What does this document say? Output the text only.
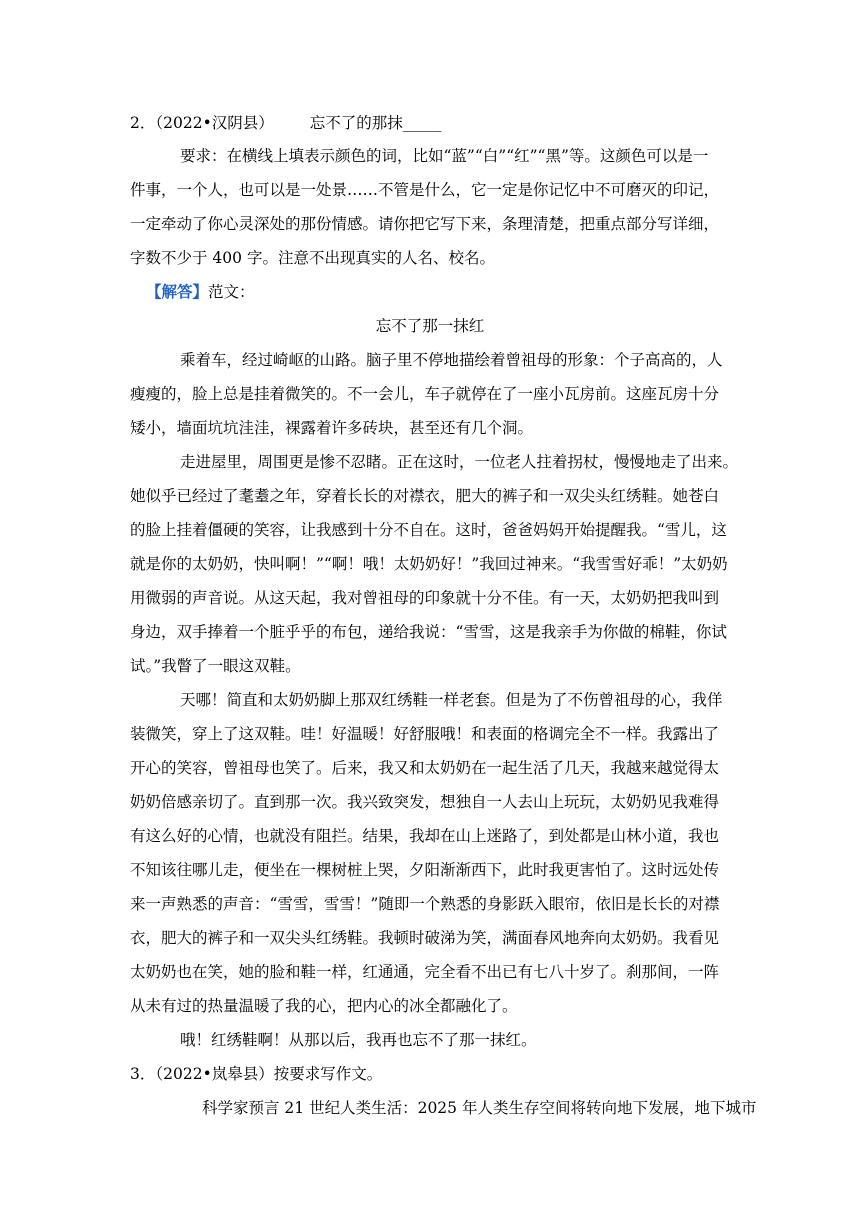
2．（2022•汉阴县） 忘不了的那抹_____
要求：在横线上填表示颜色的词，比如“蓝”“白”“红”“黑”等。这颜色可以是一
件事，一个人，也可以是一处景……不管是什么，它一定是你记忆中不可磨灭的印记，
一定牵动了你心灵深处的那份情感。请你把它写下来，条理清楚，把重点部分写详细，
字数不少于 400 字。注意不出现真实的人名、校名。
【解答】范文：
忘不了那一抹红
乘着车，经过崎岖的山路。脑子里不停地描绘着曾祖母的形象：个子高高的，人
瘦瘦的，脸上总是挂着微笑的。不一会儿，车子就停在了一座小瓦房前。这座瓦房十分
矮小，墙面坑坑洼洼，裸露着许多砖块，甚至还有几个洞。
走进屋里，周围更是惨不忍睹。正在这时，一位老人拄着拐杖，慢慢地走了出来。
她似乎已经过了耄耋之年，穿着长长的对襟衣，肥大的裤子和一双尖头红绣鞋。她苍白
的脸上挂着僵硬的笑容，让我感到十分不自在。这时，爸爸妈妈开始提醒我。“雪儿，这
就是你的太奶奶，快叫啊！”“啊！哦！太奶奶好！”我回过神来。“我雪雪好乖！”太奶奶
用微弱的声音说。从这天起，我对曾祖母的印象就十分不佳。有一天，太奶奶把我叫到
身边，双手捧着一个脏乎乎的布包，递给我说：“雪雪，这是我亲手为你做的棉鞋，你试
试。”我瞥了一眼这双鞋。
天哪！简直和太奶奶脚上那双红绣鞋一样老套。但是为了不伤曾祖母的心，我佯
装微笑，穿上了这双鞋。哇！好温暖！好舒服哦！和表面的格调完全不一样。我露出了
开心的笑容，曾祖母也笑了。后来，我又和太奶奶在一起生活了几天，我越来越觉得太
奶奶倍感亲切了。直到那一次。我兴致突发，想独自一人去山上玩玩，太奶奶见我难得
有这么好的心情，也就没有阻拦。结果，我却在山上迷路了，到处都是山林小道，我也
不知该往哪儿走，便坐在一棵树桩上哭，夕阳渐渐西下，此时我更害怕了。这时远处传
来一声熟悉的声音：“雪雪，雪雪！”随即一个熟悉的身影跃入眼帘，依旧是长长的对襟
衣，肥大的裤子和一双尖头红绣鞋。我顿时破涕为笑，满面春风地奔向太奶奶。我看见
太奶奶也在笑，她的脸和鞋一样，红通通，完全看不出已有七八十岁了。刹那间，一阵
从未有过的热量温暖了我的心，把内心的冰全都融化了。
哦！红绣鞋啊！从那以后，我再也忘不了那一抹红。
3．（2022•岚皋县）按要求写作文。
科学家预言 21 世纪人类生活：2025 年人类生存空间将转向地下发展，地下城市
